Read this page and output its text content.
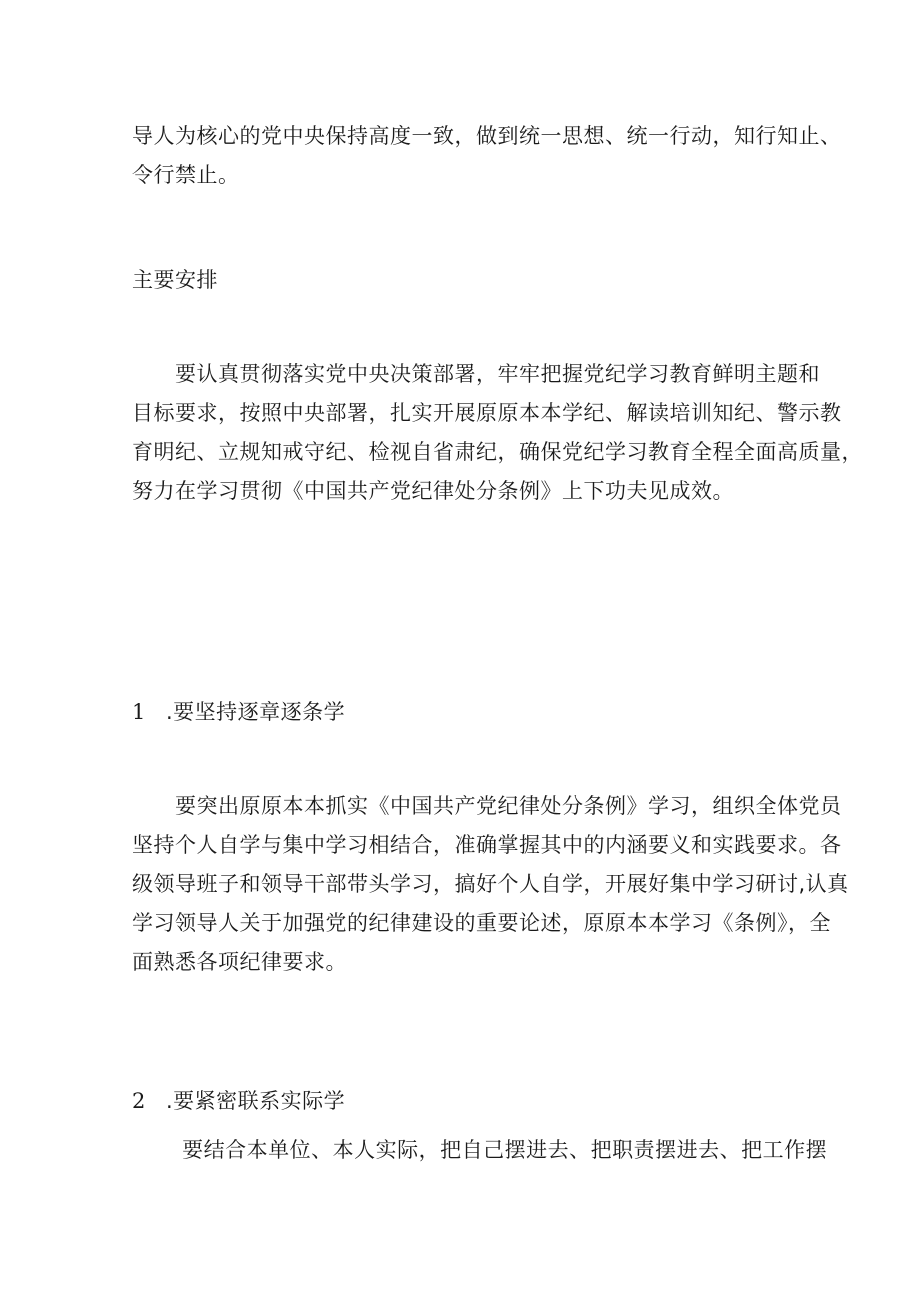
导人为核心的党中央保持高度一致，做到统一思想、统一行动，知行知止、
令行禁止。
主要安排
　　要认真贯彻落实党中央决策部署，牢牢把握党纪学习教育鲜明主题和
目标要求，按照中央部署，扎实开展原原本本学纪、解读培训知纪、警示教
育明纪、立规知戒守纪、检视自省肃纪，确保党纪学习教育全程全面高质量，
努力在学习贯彻《中国共产党纪律处分条例》上下功夫见成效。
1 .要坚持逐章逐条学
　　要突出原原本本抓实《中国共产党纪律处分条例》学习，组织全体党员
坚持个人自学与集中学习相结合，准确掌握其中的内涵要义和实践要求。各
级领导班子和领导干部带头学习，搞好个人自学，开展好集中学习研讨,认真
学习领导人关于加强党的纪律建设的重要论述，原原本本学习《条例》，全
面熟悉各项纪律要求。
2 .要紧密联系实际学
　　 要结合本单位、本人实际，把自己摆进去、把职责摆进去、把工作摆
